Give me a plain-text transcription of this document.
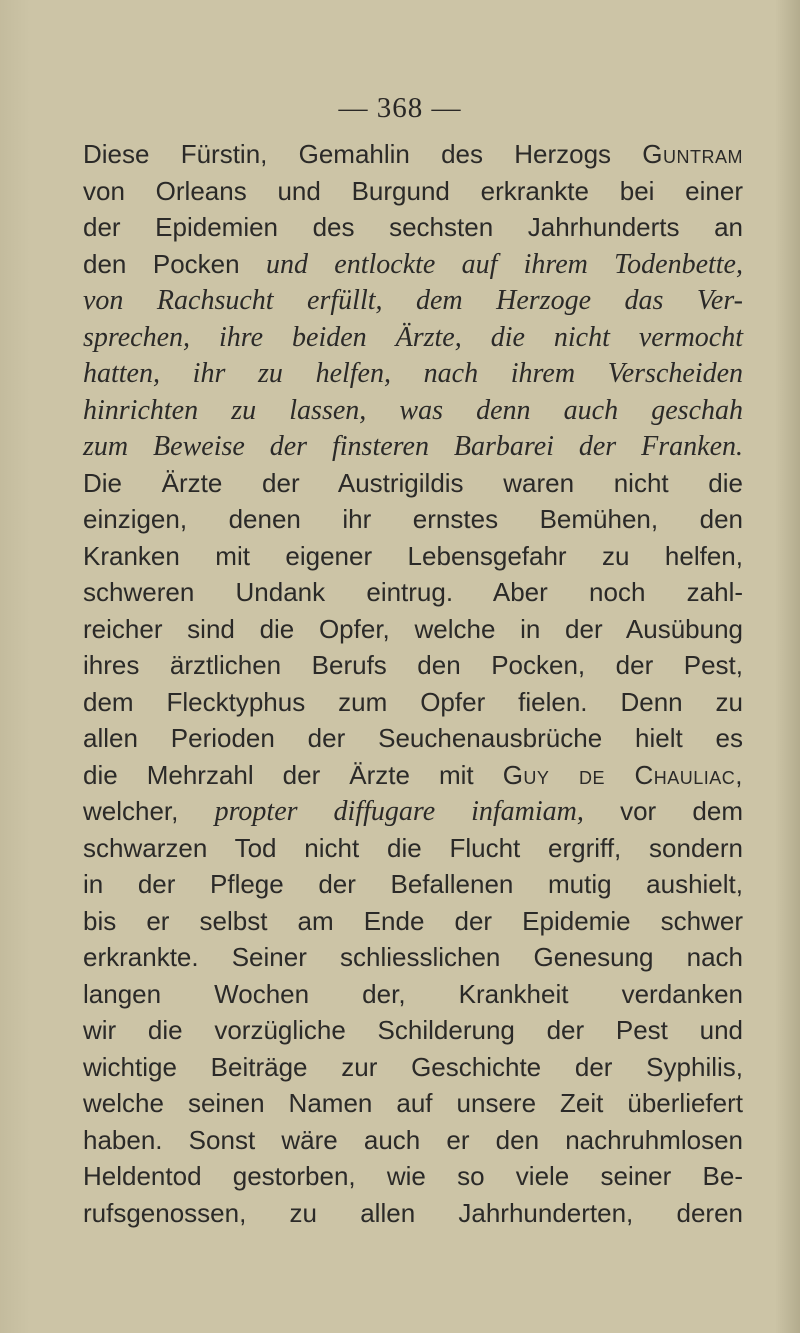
— 368 —
Diese Fürstin, Gemahlin des Herzogs Guntram
von Orleans und Burgund erkrankte bei einer
der Epidemien des sechsten Jahrhunderts an
den Pocken und entlockte auf ihrem Todenbette,
von Rachsucht erfüllt, dem Herzoge das Ver-
sprechen, ihre beiden Ärzte, die nicht vermocht
hatten, ihr zu helfen, nach ihrem Verscheiden
hinrichten zu lassen, was denn auch geschah
zum Beweise der finsteren Barbarei der Franken.
Die Ärzte der Austrigildis waren nicht die
einzigen, denen ihr ernstes Bemühen, den
Kranken mit eigener Lebensgefahr zu helfen,
schweren Undank eintrug. Aber noch zahl-
reicher sind die Opfer, welche in der Ausübung
ihres ärztlichen Berufs den Pocken, der Pest,
dem Flecktyphus zum Opfer fielen. Denn zu
allen Perioden der Seuchenausbrüche hielt es
die Mehrzahl der Ärzte mit Guy de Chauliac,
welcher, propter diffugare infamiam, vor dem
schwarzen Tod nicht die Flucht ergriff, sondern
in der Pflege der Befallenen mutig aushielt,
bis er selbst am Ende der Epidemie schwer
erkrankte. Seiner schliesslichen Genesung nach
langen Wochen der, Krankheit verdanken
wir die vorzügliche Schilderung der Pest und
wichtige Beiträge zur Geschichte der Syphilis,
welche seinen Namen auf unsere Zeit überliefert
haben. Sonst wäre auch er den nachruhmlosen
Heldentod gestorben, wie so viele seiner Be-
rufsgenossen, zu allen Jahrhunderten, deren
